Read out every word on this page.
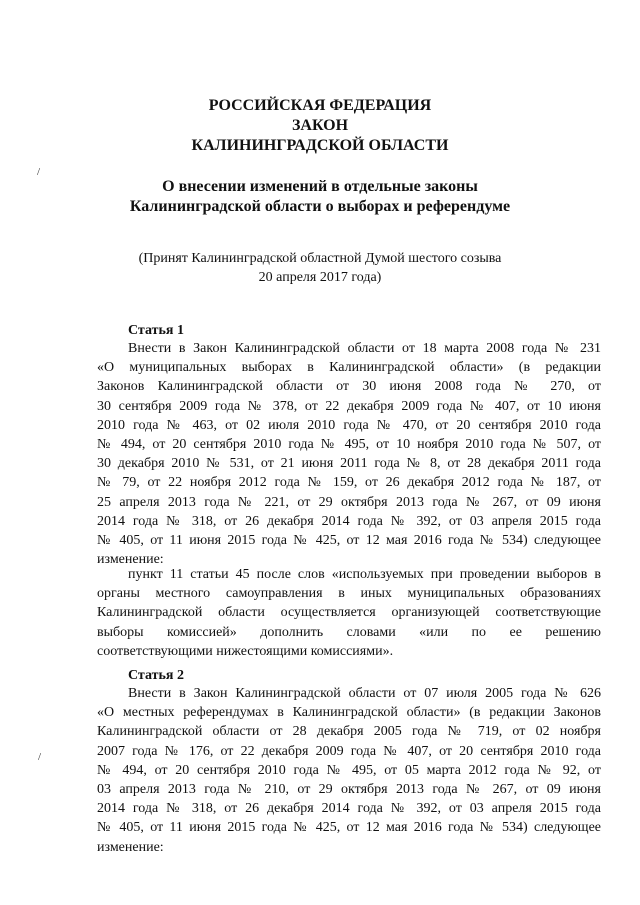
РОССИЙСКАЯ ФЕДЕРАЦИЯ
ЗАКОН
КАЛИНИНГРАДСКОЙ ОБЛАСТИ
/
О внесении изменений в отдельные законы
Калининградской области о выборах и референдуме
(Принят Калининградской областной Думой шестого созыва
20 апреля 2017 года)
Статья 1
Внести в Закон Калининградской области от 18 марта 2008 года № 231
«О муниципальных выборах в Калининградской области» (в редакции
Законов Калининградской области от 30 июня 2008 года № 270, от
30 сентября 2009 года № 378, от 22 декабря 2009 года № 407, от 10 июня
2010 года № 463, от 02 июля 2010 года № 470, от 20 сентября 2010 года
№ 494, от 20 сентября 2010 года № 495, от 10 ноября 2010 года № 507, от
30 декабря 2010 № 531, от 21 июня 2011 года № 8, от 28 декабря 2011 года
№ 79, от 22 ноября 2012 года № 159, от 26 декабря 2012 года № 187, от
25 апреля 2013 года № 221, от 29 октября 2013 года № 267, от 09 июня
2014 года № 318, от 26 декабря 2014 года № 392, от 03 апреля 2015 года
№ 405, от 11 июня 2015 года № 425, от 12 мая 2016 года № 534) следующее
изменение:
пункт 11 статьи 45 после слов «используемых при проведении выборов в
органы местного самоуправления в иных муниципальных образованиях
Калининградской области осуществляется организующей соответствующие
выборы комиссией» дополнить словами «или по ее решению
соответствующими нижестоящими комиссиями».
Статья 2
Внести в Закон Калининградской области от 07 июля 2005 года № 626
«О местных референдумах в Калининградской области» (в редакции Законов
Калининградской области от 28 декабря 2005 года № 719, от 02 ноября
2007 года № 176, от 22 декабря 2009 года № 407, от 20 сентября 2010 года
№ 494, от 20 сентября 2010 года № 495, от 05 марта 2012 года № 92, от
03 апреля 2013 года № 210, от 29 октября 2013 года № 267, от 09 июня
2014 года № 318, от 26 декабря 2014 года № 392, от 03 апреля 2015 года
№ 405, от 11 июня 2015 года № 425, от 12 мая 2016 года № 534) следующее
изменение:
/
